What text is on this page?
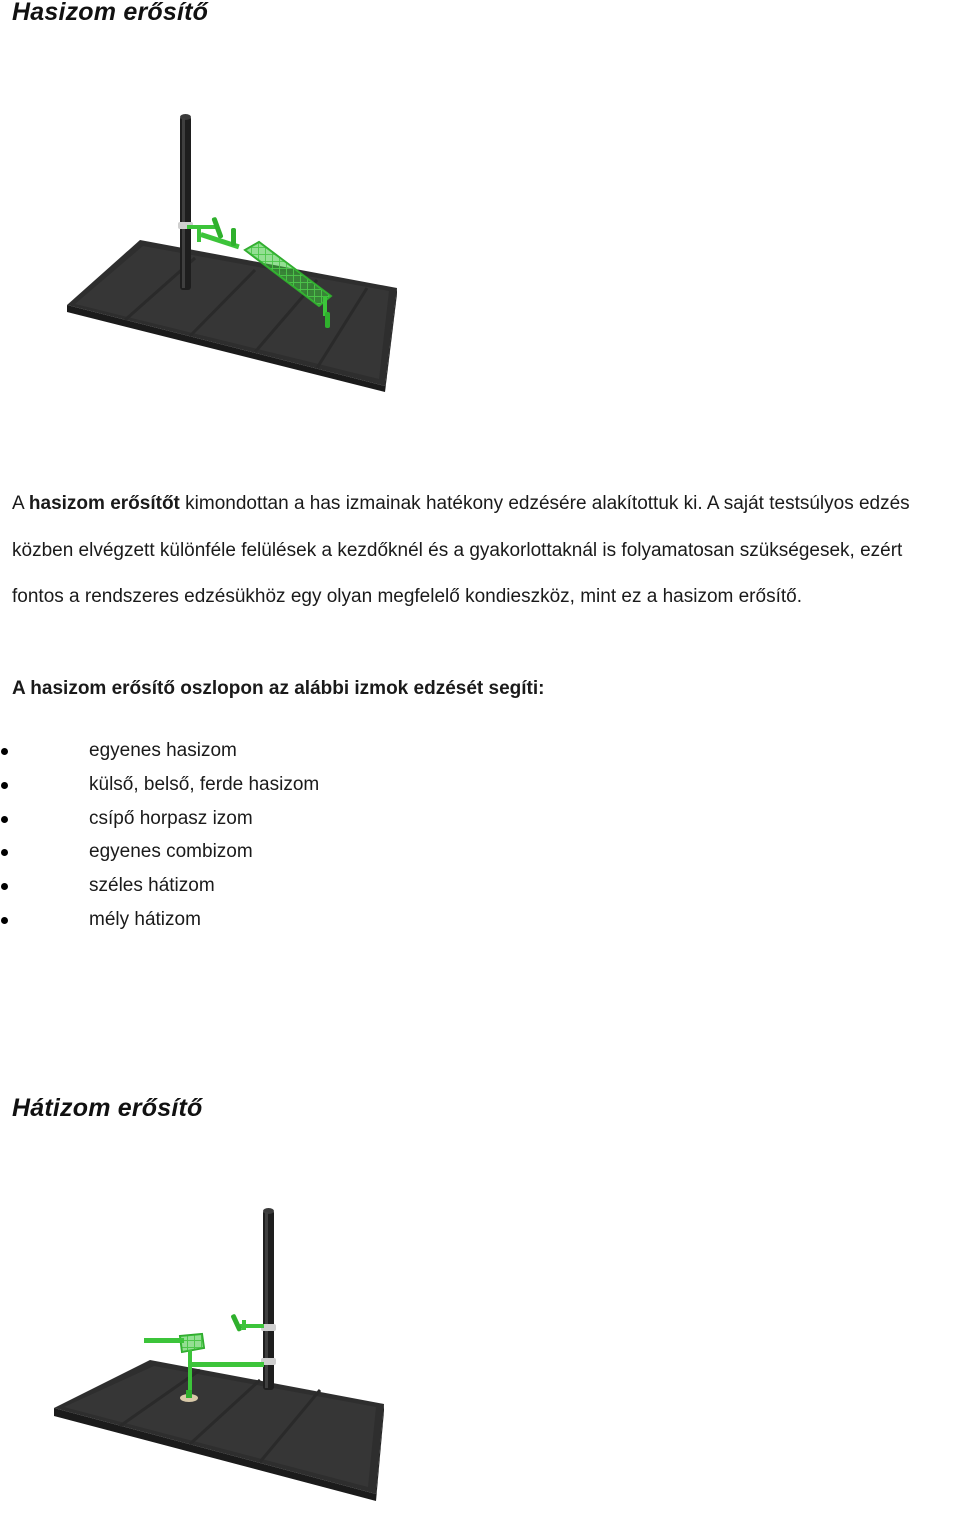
Hasizom erősítő

A hasizom erősítőt kimondottan a has izmainak hatékony edzésére alakítottuk ki. A saját testsúlyos edzés közben elvégzett különféle felülések a kezdőknél és a gyakorlottaknál is folyamatosan szükségesek, ezért fontos a rendszeres edzésükhöz egy olyan megfelelő kondieszköz, mint ez a hasizom erősítő.

A hasizom erősítő oszlopon az alábbi izmok edzését segíti:

egyenes hasizom
külső, belső, ferde hasizom
csípő horpasz izom
egyenes combizom
széles hátizom
mély hátizom
Hátizom erősítő
